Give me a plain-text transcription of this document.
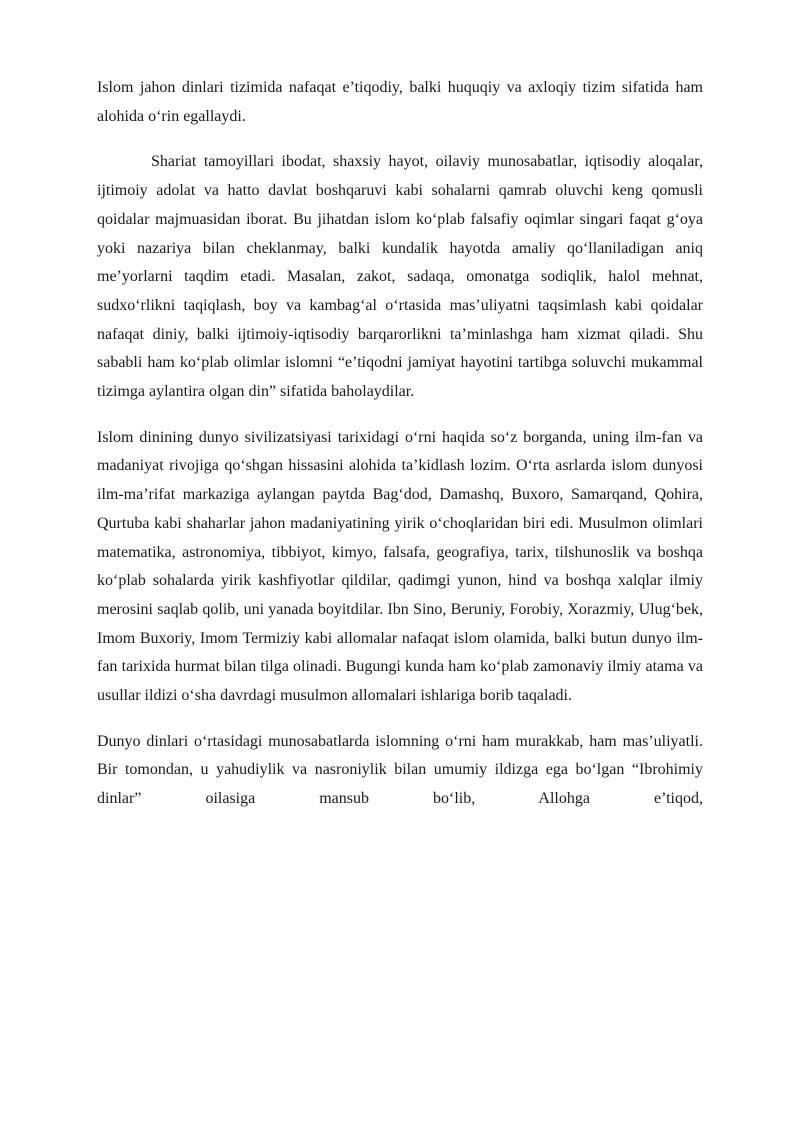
Islom jahon dinlari tizimida nafaqat e’tiqodiy, balki huquqiy va axloqiy tizim sifatida ham alohida o‘rin egallaydi.

Shariat tamoyillari ibodat, shaxsiy hayot, oilaviy munosabatlar, iqtisodiy aloqalar, ijtimoiy adolat va hatto davlat boshqaruvi kabi sohalarni qamrab oluvchi keng qomusli qoidalar majmuasidan iborat. Bu jihatdan islom ko‘plab falsafiy oqimlar singari faqat g‘oya yoki nazariya bilan cheklanmay, balki kundalik hayotda amaliy qo‘llaniladigan aniq me’yorlarni taqdim etadi. Masalan, zakot, sadaqa, omonatga sodiqlik, halol mehnat, sudxo‘rlikni taqiqlash, boy va kambag‘al o‘rtasida mas’uliyatni taqsimlash kabi qoidalar nafaqat diniy, balki ijtimoiy-iqtisodiy barqarorlikni ta’minlashga ham xizmat qiladi. Shu sababli ham ko‘plab olimlar islomni “e’tiqodni jamiyat hayotini tartibga soluvchi mukammal tizimga aylantira olgan din” sifatida baholaydilar.

Islom dinining dunyo sivilizatsiyasi tarixidagi o‘rni haqida so‘z borganda, uning ilm-fan va madaniyat rivojiga qo‘shgan hissasini alohida ta’kidlash lozim. O‘rta asrlarda islom dunyosi ilm-ma’rifat markaziga aylangan paytda Bag‘dod, Damashq, Buxoro, Samarqand, Qohira, Qurtuba kabi shaharlar jahon madaniyatining yirik o‘choqlaridan biri edi. Musulmon olimlari matematika, astronomiya, tibbiyot, kimyo, falsafa, geografiya, tarix, tilshunoslik va boshqa ko‘plab sohalarda yirik kashfiyotlar qildilar, qadimgi yunon, hind va boshqa xalqlar ilmiy merosini saqlab qolib, uni yanada boyitdilar. Ibn Sino, Beruniy, Forobiy, Xorazmiy, Ulug‘bek, Imom Buxoriy, Imom Termiziy kabi allomalar nafaqat islom olamida, balki butun dunyo ilm-fan tarixida hurmat bilan tilga olinadi. Bugungi kunda ham ko‘plab zamonaviy ilmiy atama va usullar ildizi o‘sha davrdagi musulmon allomalari ishlariga borib taqaladi.

Dunyo dinlari o‘rtasidagi munosabatlarda islomning o‘rni ham murakkab, ham mas’uliyatli. Bir tomondan, u yahudiylik va nasroniylik bilan umumiy ildizga ega bo‘lgan “Ibrohimiy dinlar” oilasiga mansub bo‘lib, Allohga e’tiqod,
